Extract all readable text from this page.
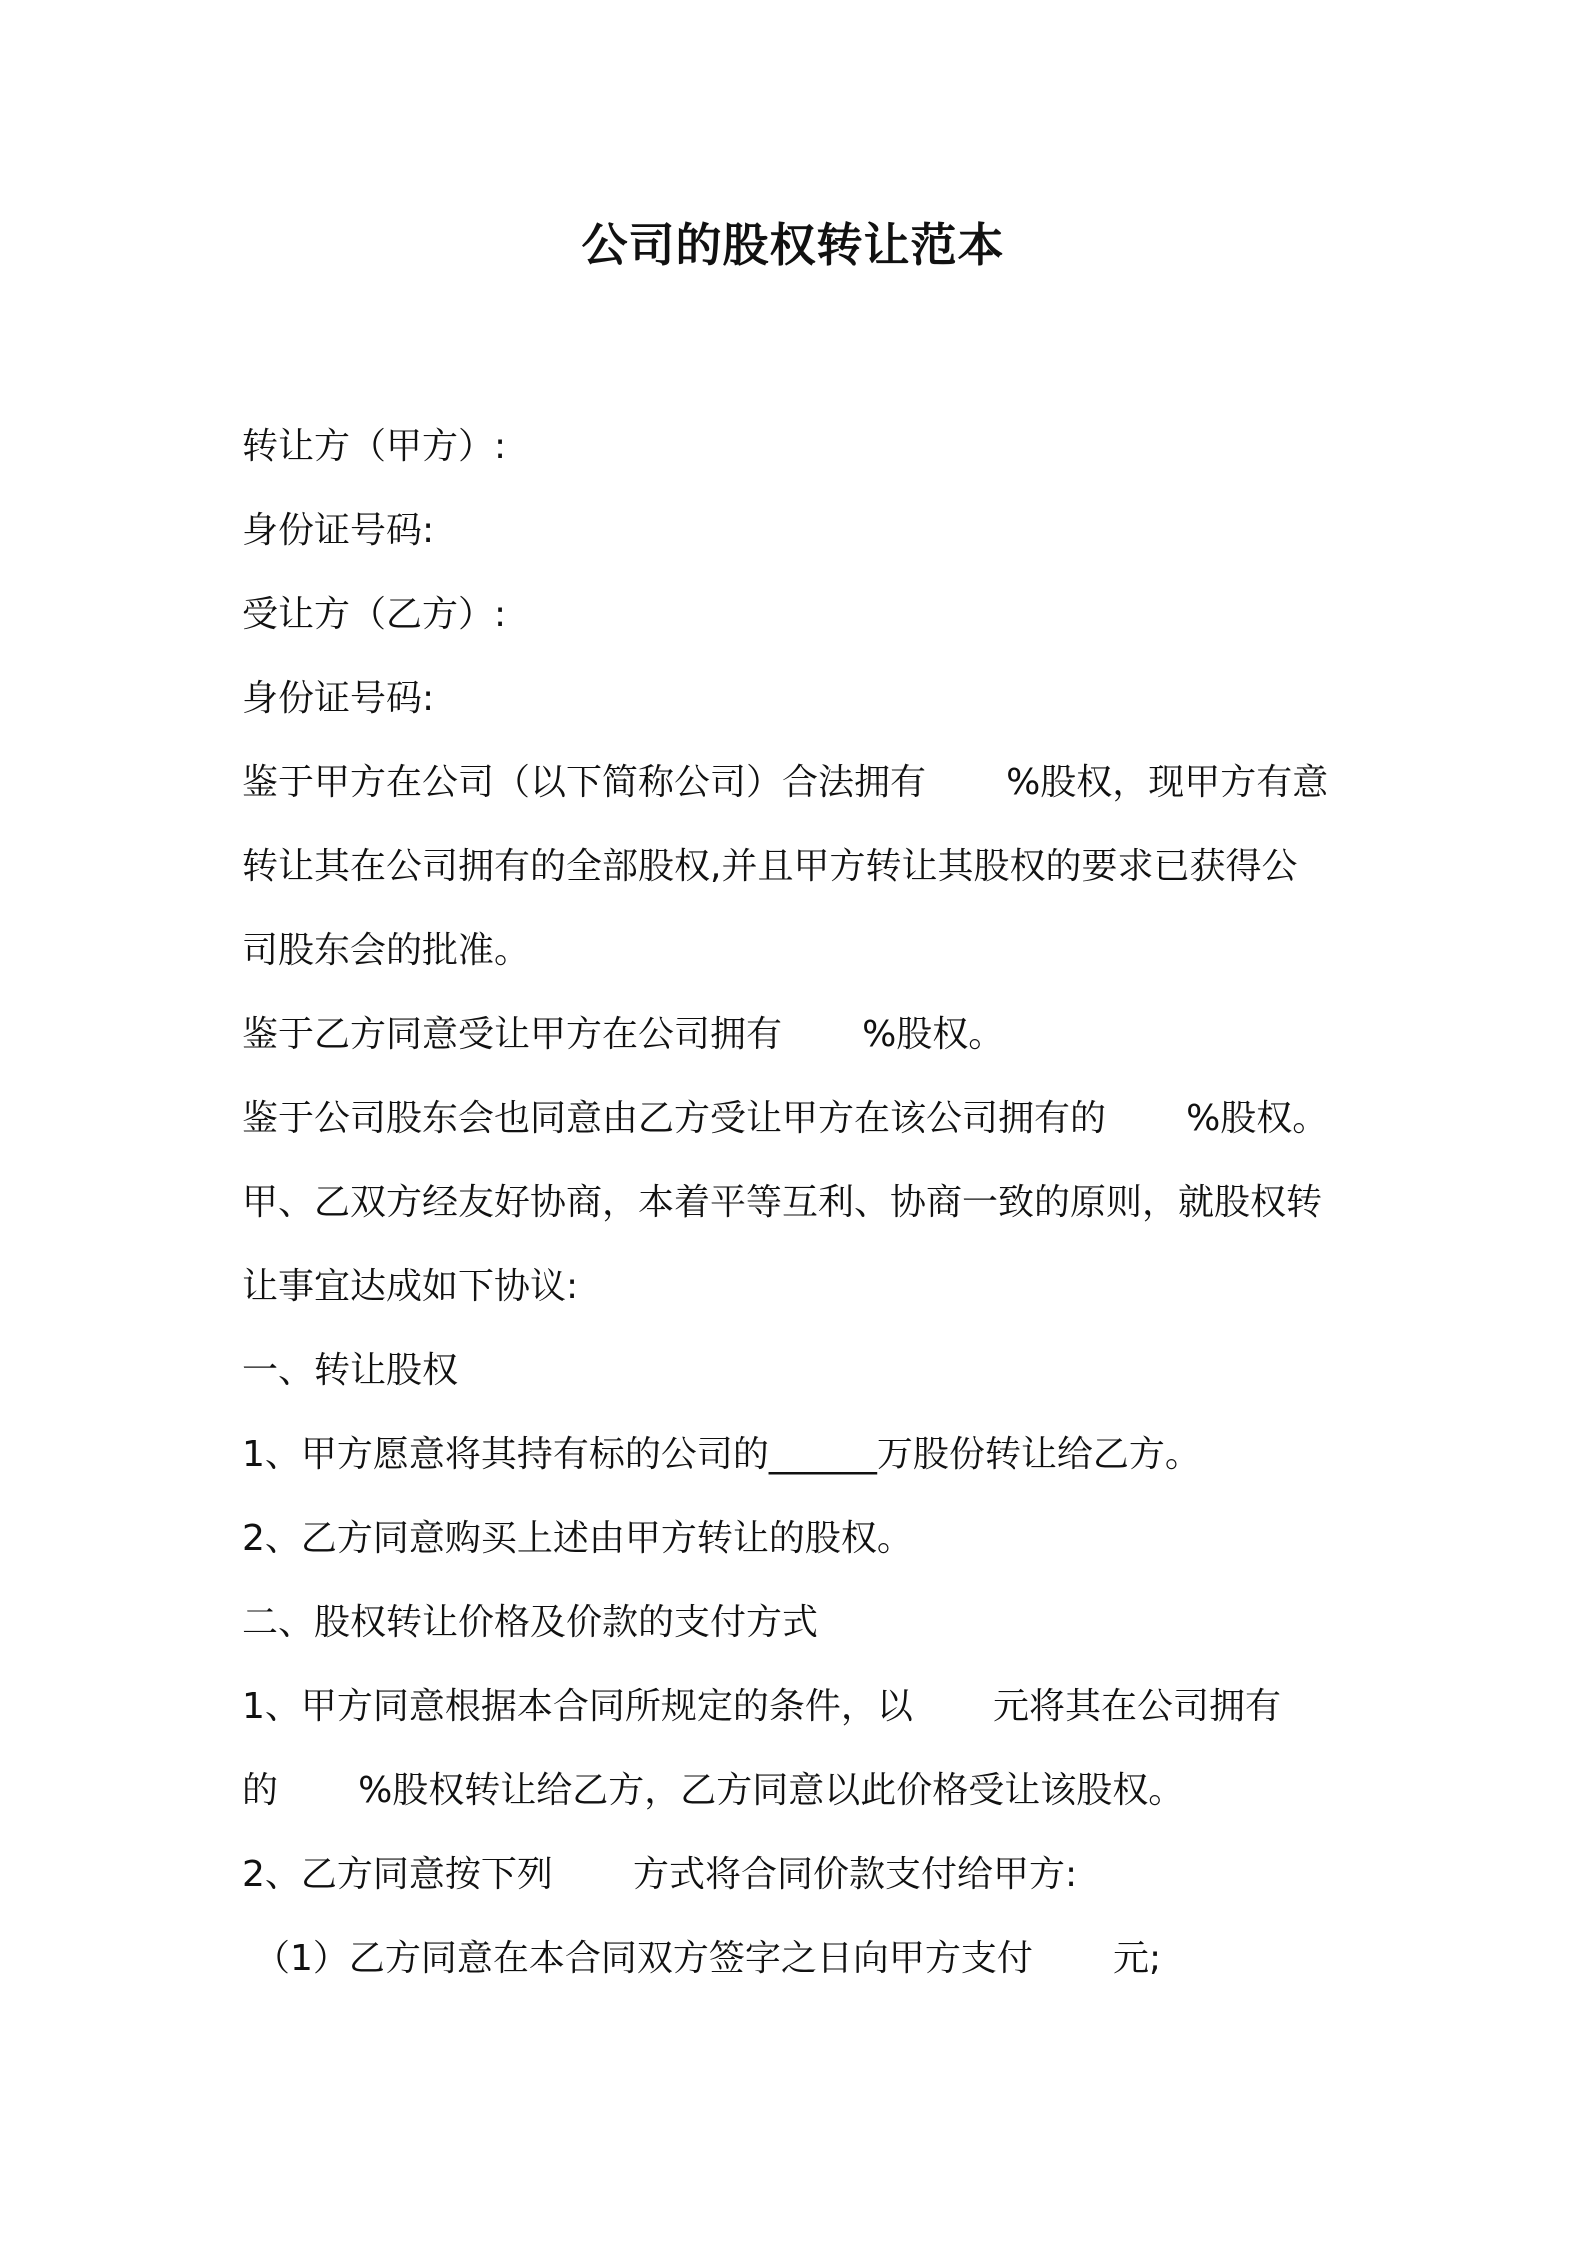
公司的股权转让范本
转让方（甲方）:
身份证号码:
受让方（乙方）:
身份证号码:
鉴于甲方在公司（以下简称公司）合法拥有       %股权，现甲方有意
转让其在公司拥有的全部股权,并且甲方转让其股权的要求已获得公
司股东会的批准。
鉴于乙方同意受让甲方在公司拥有       %股权。
鉴于公司股东会也同意由乙方受让甲方在该公司拥有的       %股权。
甲、乙双方经友好协商，本着平等互利、协商一致的原则，就股权转
让事宜达成如下协议:
一、转让股权
1、甲方愿意将其持有标的公司的______万股份转让给乙方。
2、乙方同意购买上述由甲方转让的股权。
二、股权转让价格及价款的支付方式
1、甲方同意根据本合同所规定的条件，以       元将其在公司拥有
的       %股权转让给乙方，乙方同意以此价格受让该股权。
2、乙方同意按下列       方式将合同价款支付给甲方:
（1）乙方同意在本合同双方签字之日向甲方支付       元;
